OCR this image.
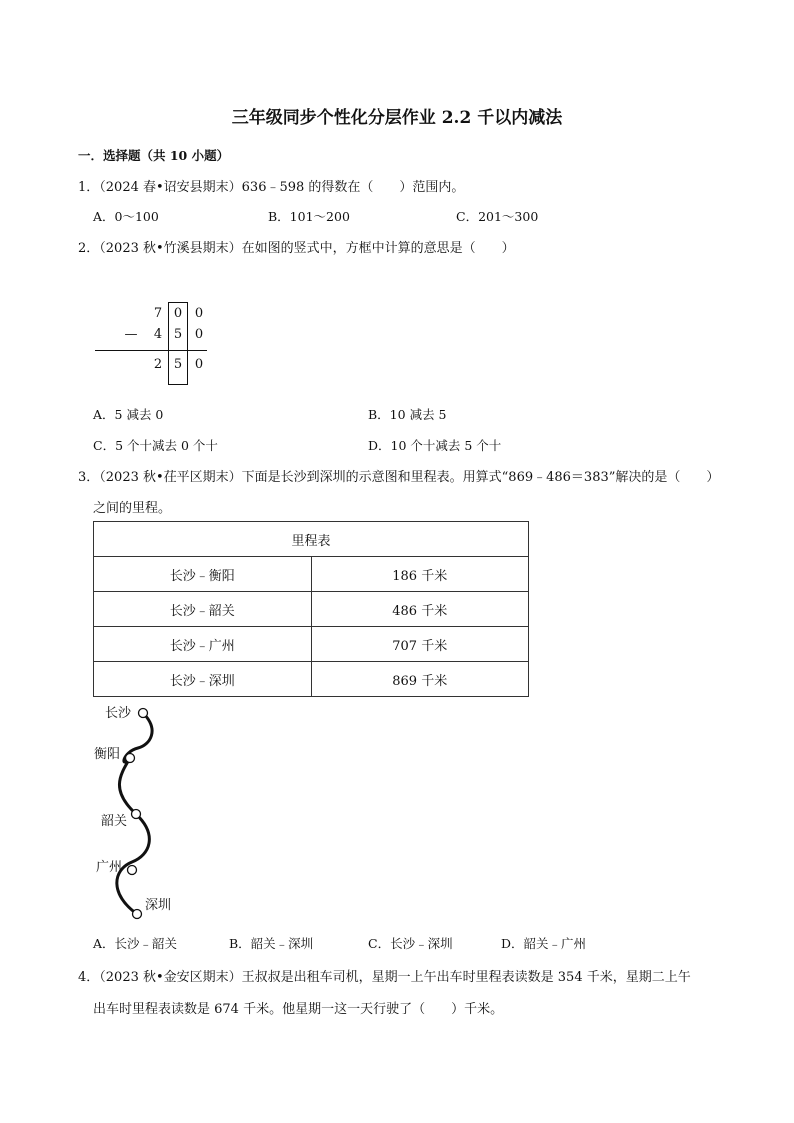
三年级同步个性化分层作业 2.2 千以内减法
一．选择题（共 10 小题）
1．（2024 春•诏安县期末）636﹣598 的得数在（　　）范围内。
A．0～100	B．101～200	C．201～300
2．（2023 秋•竹溪县期末）在如图的竖式中，方框中计算的意思是（　　）
7 0 0
— 4 5 0
2 5 0
A．5 减去 0	B．10 减去 5
C．5 个十减去 0 个十	D．10 个十减去 5 个十
3．（2023 秋•茌平区期末）下面是长沙到深圳的示意图和里程表。用算式“869﹣486＝383”解决的是（　　）
之间的里程。
里程表	
长沙﹣衡阳	186 千米
长沙﹣韶关	486 千米
长沙﹣广州	707 千米
长沙﹣深圳	869 千米
长沙
衡阳
韶关
广州
深圳
A．长沙﹣韶关	B．韶关﹣深圳	C．长沙﹣深圳	D．韶关﹣广州
4．（2023 秋•金安区期末）王叔叔是出租车司机，星期一上午出车时里程表读数是 354 千米，星期二上午
出车时里程表读数是 674 千米。他星期一这一天行驶了（　　）千米。
